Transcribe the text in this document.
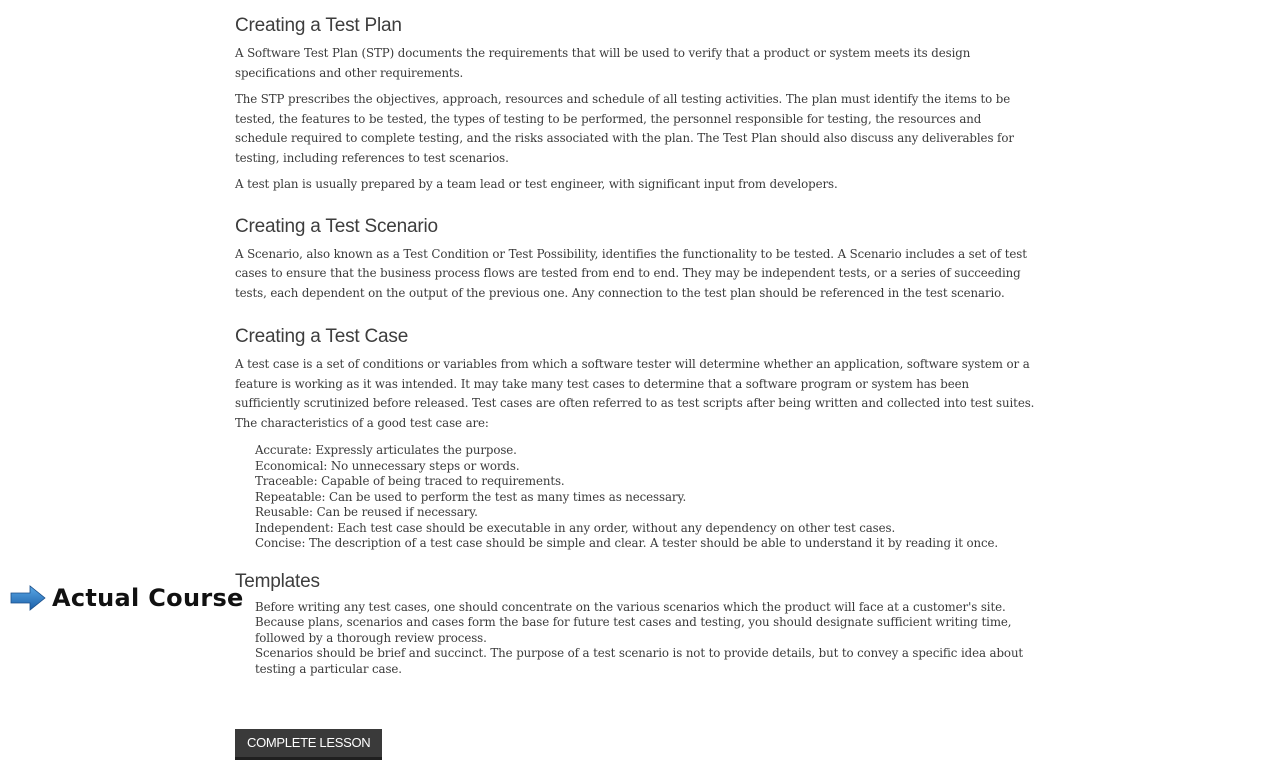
Creating a Test Plan

A Software Test Plan (STP) documents the requirements that will be used to verify that a product or system meets its design specifications and other requirements.

The STP prescribes the objectives, approach, resources and schedule of all testing activities. The plan must identify the items to be tested, the features to be tested, the types of testing to be performed, the personnel responsible for testing, the resources and schedule required to complete testing, and the risks associated with the plan. The Test Plan should also discuss any deliverables for testing, including references to test scenarios.

A test plan is usually prepared by a team lead or test engineer, with significant input from developers.

Creating a Test Scenario

A Scenario, also known as a Test Condition or Test Possibility, identifies the functionality to be tested. A Scenario includes a set of test cases to ensure that the business process flows are tested from end to end. They may be independent tests, or a series of succeeding tests, each dependent on the output of the previous one. Any connection to the test plan should be referenced in the test scenario.

Creating a Test Case

A test case is a set of conditions or variables from which a software tester will determine whether an application, software system or a feature is working as it was intended. It may take many test cases to determine that a software program or system has been sufficiently scrutinized before released. Test cases are often referred to as test scripts after being written and collected into test suites.

The characteristics of a good test case are:

Accurate: Expressly articulates the purpose.
Economical: No unnecessary steps or words.
Traceable: Capable of being traced to requirements.
Repeatable: Can be used to perform the test as many times as necessary.
Reusable: Can be reused if necessary.
Independent: Each test case should be executable in any order, without any dependency on other test cases.
Concise: The description of a test case should be simple and clear. A tester should be able to understand it by reading it once.
Templates
Before writing any test cases, one should concentrate on the various scenarios which the product will face at a customer's site.
Because plans, scenarios and cases form the base for future test cases and testing, you should designate sufficient writing time, followed by a thorough review process.
Scenarios should be brief and succinct. The purpose of a test scenario is not to provide details, but to convey a specific idea about testing a particular case.
COMPLETE LESSON
Actual Course
